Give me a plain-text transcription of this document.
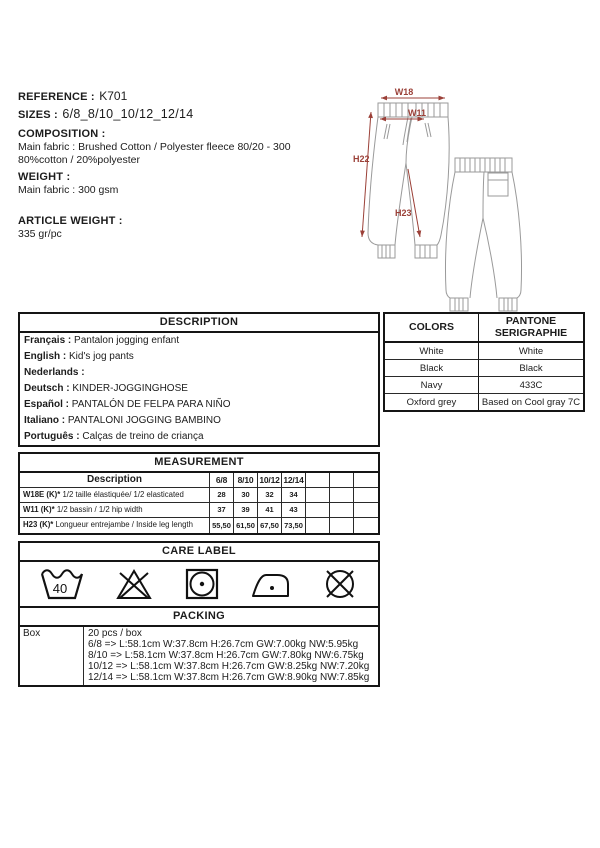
REFERENCE : K701
SIZES : 6/8_8/10_10/12_12/14
COMPOSITION :
Main fabric : Brushed Cotton / Polyester fleece 80/20 - 300
80%cotton / 20%polyester
WEIGHT :
Main fabric : 300 gsm
ARTICLE WEIGHT :
335 gr/pc
W18
W11
H22
H23
DESCRIPTION
Français : Pantalon jogging enfant
English : Kid's jog pants
Nederlands :
Deutsch : KINDER-JOGGINGHOSE
Español : PANTALÓN DE FELPA PARA NIÑO
Italiano : PANTALONI JOGGING BAMBINO
Português : Calças de treino de criança
COLORS	PANTONE SERIGRAPHIE
White	White
Black	Black
Navy	433C
Oxford grey	Based on Cool gray 7C
MEASUREMENT
Description	6/8	8/10 10/12 12/14
W18E (K)* 1/2 taille élastiquée/ 1/2 elasticated	28	30	32	34
W11 (K)* 1/2 bassin / 1/2 hip width	37	39	41	43
H23 (K)* Longueur entrejambe / Inside leg length	55,50 61,50 67,50 73,50
CARE LABEL
40
PACKING
Box	20 pcs / box
6/8 => L:58.1cm W:37.8cm H:26.7cm GW:7.00kg NW:5.95kg
8/10 => L:58.1cm W:37.8cm H:26.7cm GW:7.80kg NW:6.75kg
10/12 => L:58.1cm W:37.8cm H:26.7cm GW:8.25kg NW:7.20kg
12/14 => L:58.1cm W:37.8cm H:26.7cm GW:8.90kg NW:7.85kg
